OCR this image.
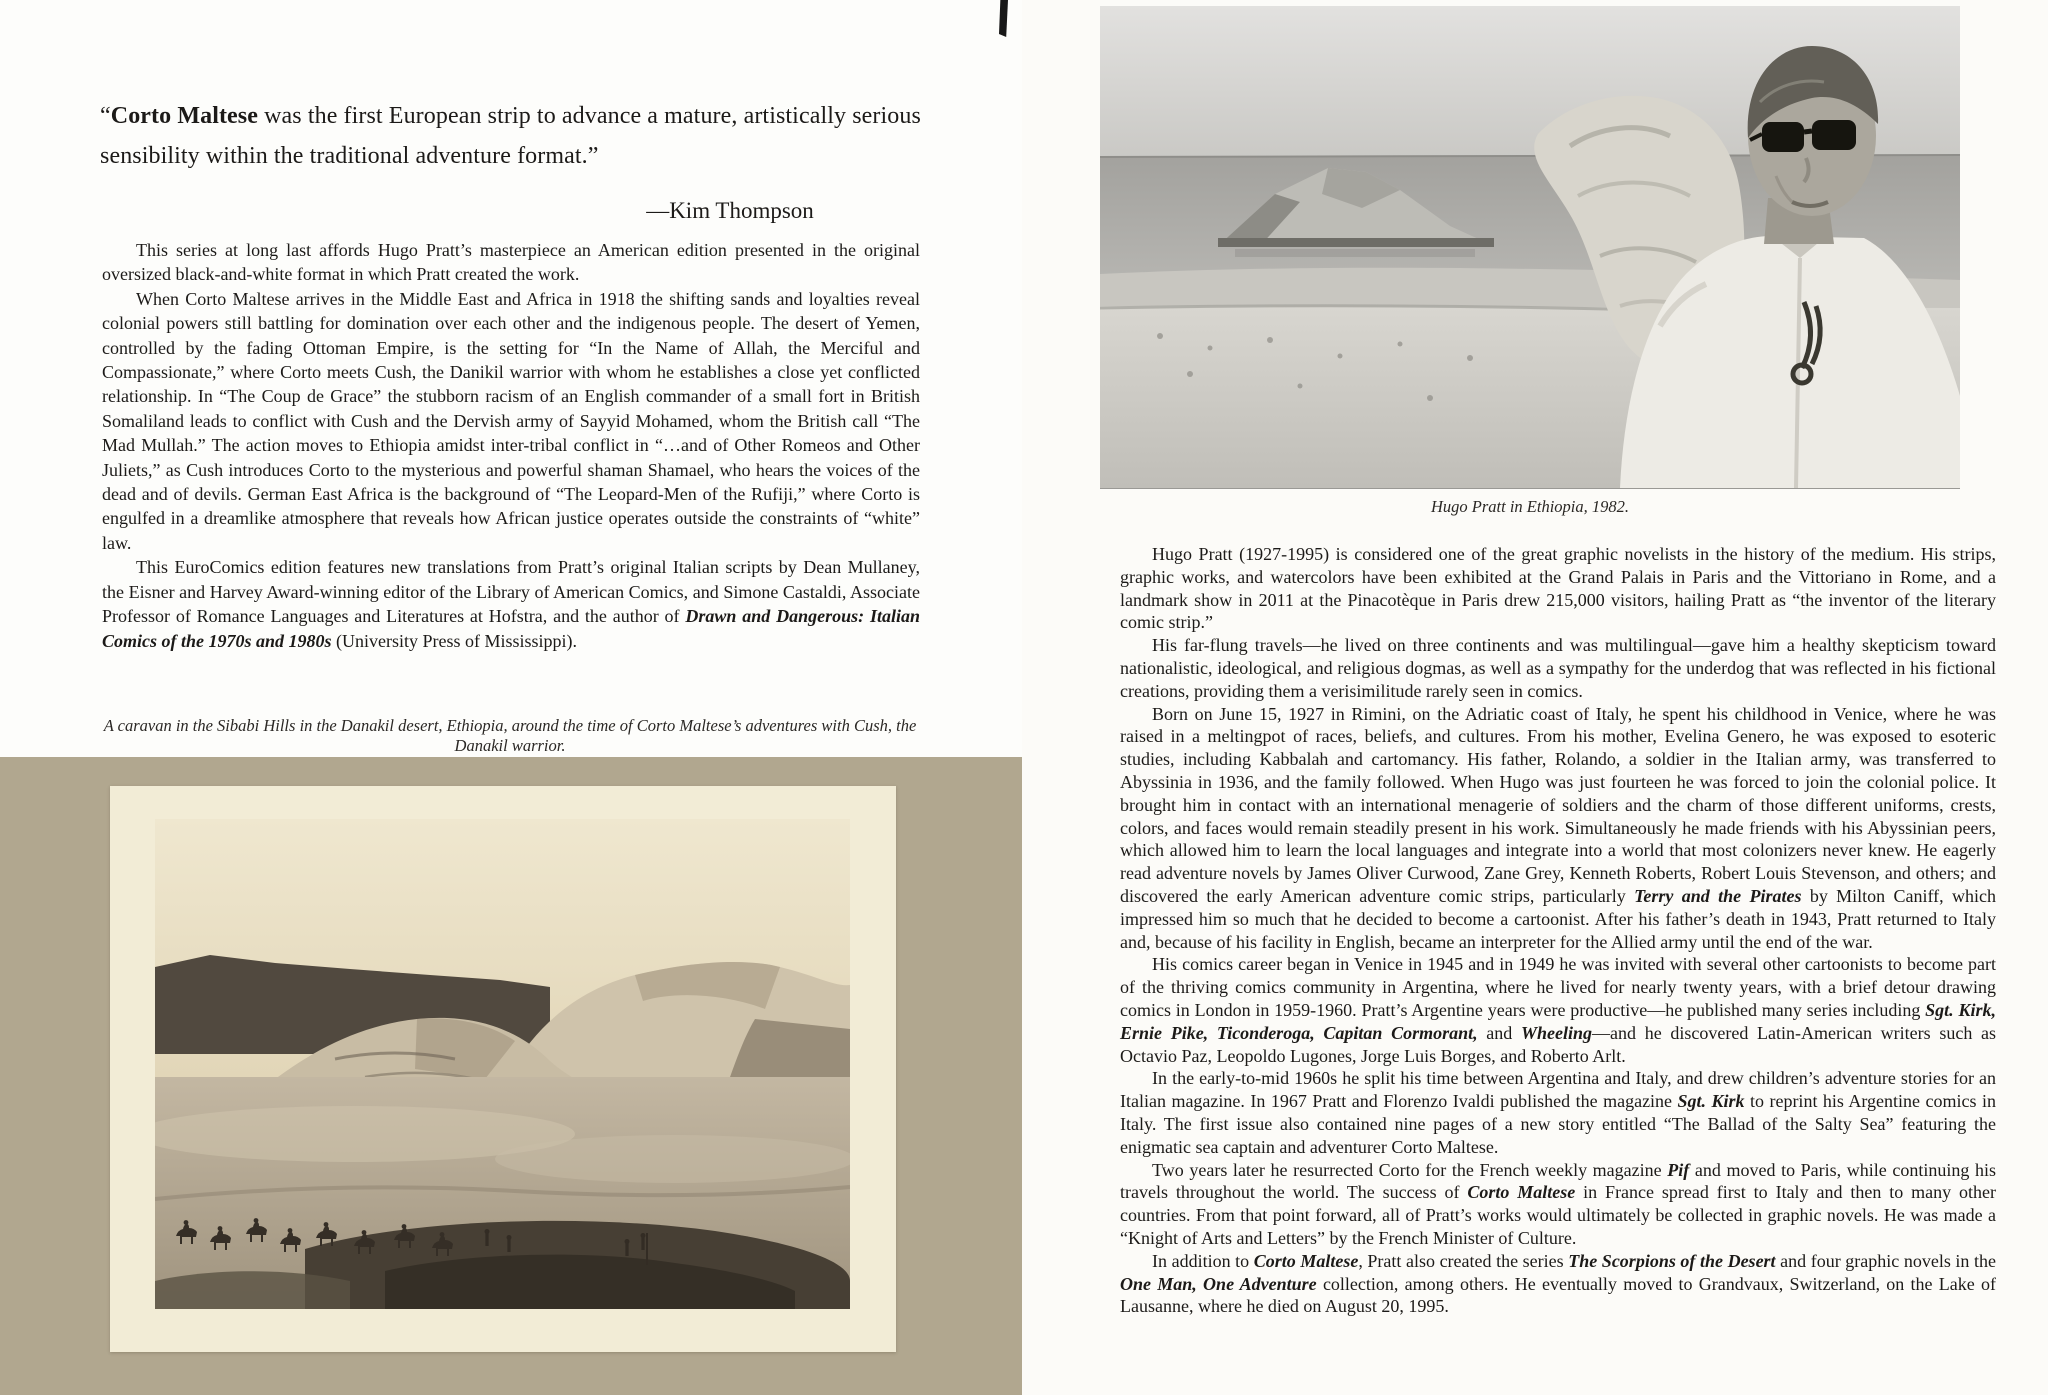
“Corto Maltese was the first European strip to advance a mature, artistically serious sensibility within the traditional adventure format.”
—Kim Thompson

This series at long last affords Hugo Pratt’s masterpiece an American edition presented in the original oversized black-and-white format in which Pratt created the work.

When Corto Maltese arrives in the Middle East and Africa in 1918 the shifting sands and loyalties reveal colonial powers still battling for domination over each other and the indigenous people. The desert of Yemen, controlled by the fading Ottoman Empire, is the setting for “In the Name of Allah, the Merciful and Compassionate,” where Corto meets Cush, the Danikil warrior with whom he establishes a close yet conflicted relationship. In “The Coup de Grace” the stubborn racism of an English commander of a small fort in British Somaliland leads to conflict with Cush and the Dervish army of Sayyid Mohamed, whom the British call “The Mad Mullah.” The action moves to Ethiopia amidst inter-tribal conflict in “…and of Other Romeos and Other Juliets,” as Cush introduces Corto to the mysterious and powerful shaman Shamael, who hears the voices of the dead and of devils. German East Africa is the background of “The Leopard-Men of the Rufiji,” where Corto is engulfed in a dreamlike atmosphere that reveals how African justice operates outside the constraints of “white” law.

This EuroComics edition features new translations from Pratt’s original Italian scripts by Dean Mullaney, the Eisner and Harvey Award-winning editor of the Library of American Comics, and Simone Castaldi, Associate Professor of Romance Languages and Literatures at Hofstra, and the author of Drawn and Dangerous: Italian Comics of the 1970s and 1980s (University Press of Mississippi).

A caravan in the Sibabi Hills in the Danakil desert, Ethiopia, around the time of Corto Maltese’s adventures with Cush, the Danakil warrior.
Hugo Pratt in Ethiopia, 1982.

Hugo Pratt (1927-1995) is considered one of the great graphic novelists in the history of the medium. His strips, graphic works, and watercolors have been exhibited at the Grand Palais in Paris and the Vittoriano in Rome, and a landmark show in 2011 at the Pinacotèque in Paris drew 215,000 visitors, hailing Pratt as “the inventor of the literary comic strip.”

His far-flung travels—he lived on three continents and was multilingual—gave him a healthy skepticism toward nationalistic, ideological, and religious dogmas, as well as a sympathy for the underdog that was reflected in his fictional creations, providing them a verisimilitude rarely seen in comics.

Born on June 15, 1927 in Rimini, on the Adriatic coast of Italy, he spent his childhood in Venice, where he was raised in a meltingpot of races, beliefs, and cultures. From his mother, Evelina Genero, he was exposed to esoteric studies, including Kabbalah and cartomancy. His father, Rolando, a soldier in the Italian army, was transferred to Abyssinia in 1936, and the family followed. When Hugo was just fourteen he was forced to join the colonial police. It brought him in contact with an international menagerie of soldiers and the charm of those different uniforms, crests, colors, and faces would remain steadily present in his work. Simultaneously he made friends with his Abyssinian peers, which allowed him to learn the local languages and integrate into a world that most colonizers never knew. He eagerly read adventure novels by James Oliver Curwood, Zane Grey, Kenneth Roberts, Robert Louis Stevenson, and others; and discovered the early American adventure comic strips, particularly Terry and the Pirates by Milton Caniff, which impressed him so much that he decided to become a cartoonist. After his father’s death in 1943, Pratt returned to Italy and, because of his facility in English, became an interpreter for the Allied army until the end of the war.

His comics career began in Venice in 1945 and in 1949 he was invited with several other cartoonists to become part of the thriving comics community in Argentina, where he lived for nearly twenty years, with a brief detour drawing comics in London in 1959-1960. Pratt’s Argentine years were productive—he published many series including Sgt. Kirk, Ernie Pike, Ticonderoga, Capitan Cormorant, and Wheeling—and he discovered Latin-American writers such as Octavio Paz, Leopoldo Lugones, Jorge Luis Borges, and Roberto Arlt.

In the early-to-mid 1960s he split his time between Argentina and Italy, and drew children’s adventure stories for an Italian magazine. In 1967 Pratt and Florenzo Ivaldi published the magazine Sgt. Kirk to reprint his Argentine comics in Italy. The first issue also contained nine pages of a new story entitled “The Ballad of the Salty Sea” featuring the enigmatic sea captain and adventurer Corto Maltese.

Two years later he resurrected Corto for the French weekly magazine Pif and moved to Paris, while continuing his travels throughout the world. The success of Corto Maltese in France spread first to Italy and then to many other countries. From that point forward, all of Pratt’s works would ultimately be collected in graphic novels. He was made a “Knight of Arts and Letters” by the French Minister of Culture.

In addition to Corto Maltese, Pratt also created the series The Scorpions of the Desert and four graphic novels in the One Man, One Adventure collection, among others. He eventually moved to Grandvaux, Switzerland, on the Lake of Lausanne, where he died on August 20, 1995.
